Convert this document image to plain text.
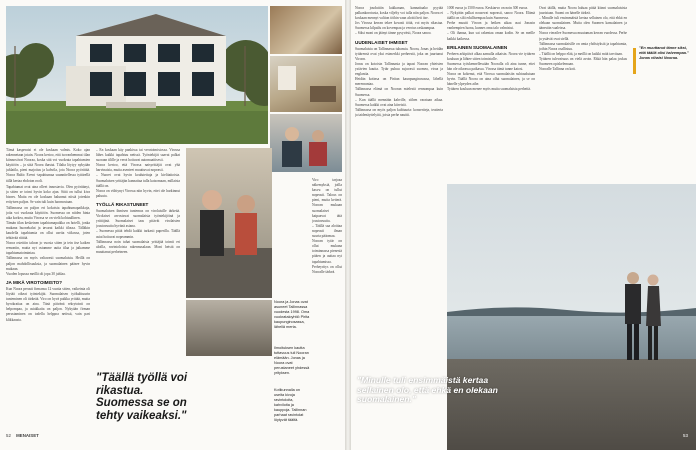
Tämä kasperaisi ei ole koskaan valmis. Koko ajan rakennetaan jotain. Noora kertoo, että isovanhemmat tilan kiinnostivat Nooraa, koska sitä voi vuokrata tapahtumien käyttöön – ja siitä Noora ihastui. Tilalta löytyy nykyään juhlatila, pieni majoitus ja kahvila, jota Noora pyörittää. Noora Baltic Event -tapahtumaa suunnitellessa tyttärellä tällä kertaa ehdoton rooli.

Tapahtumat ovat aina olleet innostavia. Olen pyöritänyt, ja sitten se toimi hyvin koko ajan. Siitä on tullut kiva bisnes. Mutta en ole koskaan halunnut niistä jotenkin erityisen paljon. Se vain tuli kuin luonnostaan.
Tallinnassa on paljon eri kokoisia tapahtumapaikkoja, joita voi vuokrata käyttöön. Suomessa on niiden hinta aika korkea, mutta Virossa se on vielä kohtuullinen.
Tämän tilan keskeinen tapahtumapaikka on hotelli, jonka mukana huonekalut ja tavarat kaikki tilassa. Tälläkin kaudella tapahtumia on ollut useita viikossa, joten tehtävää riittää.
Noora ostettiin taloon jo vuosia sitten ja tein itse kaiken remontin, mutta nyt ostamme uutta tilaa ja jatkamme tapahtumatoimintaa.
Tallinnassa on myös valtavasti suomalaisia. Heillä on paljon mahdollisuuksia, ja suomalainen pääsee hyvin mukaan.
Vuoden lopussa meillä oli jopa 30 juhlaa.

JA MIKÄ VIROTOIMISTO?

Kun Noora perusti firmansa 12 vuotta sitten, vaikeinta oli löytää oikeat työntekijät. Suomalaisen työkulttuurin tunteminen oli tärkeää. Viro on hyvä paikka yrittää, mutta byrokratiaa on aina. Tänä päivänä rekrytointi on helpompaa, ja asiakkaita on paljon. Nykyään firman perustaminen on todella helppoa netissä, vain pari klikkausta.

– En koskaan käy pankissa tai verotoimistossa. Virossa lähes kaikki tapahtuu netissä. Työntekijät saavat palkat suoraan tilille ja verot hoituvat automaattisesti.
Noora kertoo, että Virossa naisyrittäjät ovat yhä harvinaisia, mutta asenteet muuttuvat nopeasti.
– Nuoret ovat hyvin koulutettuja ja kielitaitoisia. Suomalaisen yrittäjän kannattaa tulla katsomaan, millaista täällä on.
Noora on viihtynyt Virossa niin hyvin, ettei ole harkinnut paluuta.

TYÖLLÄ RIKASTUNEET

Suomalaisen ihmisen tuntemus on virolaisille tärkeää. Virolaiset arvostavat suomalaisia työntekijöinä ja yrittäjinä. Suomalaiset taas pitävät virolaisten joustavuutta hyvänä asiana.
– Suomessa pitää tehdä kaikki tarkasti paperilla. Täällä asiat hoituvat nopeammin.
Tallinnassa noin tuhat suomalaista yrittäjää toimii eri aloilla, ravintoloista rakennusalaan. Moni heistä on muuttanut perheineen.

"Täällä työllä voi rikastua. Suomessa se on tehty vaikeaksi."
Noora ja Jonas ovat asuneet Tallinnassa vuodesta 1998. Oma vuokrataloyhtiö Pirita kaupunginosassa, lähellä merta.
Ilmoituksen kautta tuttavuus tuli Nooran elämään. Jonas ja Noora ovat perustaneet yhdessä yrityksen.
Kotikunnalla on useita kivoja ravintoloita, kahviloita ja kauppoja. Tallinnan parhaat ravintolat löytyvät täältä.

Viro tarjoaa näkemyksiä, joilla kasvu on tullut nopeasti. Talous on pieni, mutta ketterä. Nooran mukaan suomalaiset kaipaavat tätä joustavuutta.
– Täällä saa aloittaa nopeasti ilman suurta pääomaa.
Nooran tytär on ollut mukana toiminnassa pienestä pitäen ja auttaa nyt tapahtumissa. Perheyritys on ollut Nooralle tärkeä.

52 MENAISET

Noora jouduttiin kakkaraan, kannattaako pyytää palkankorotusta, koska viljelty voi tulla niin paljon. Noora ei koskaan mennyt valtion töihin vaan aloitti heti itse.
Jos Virossa kerran tekee kovasti töitä, voi myös rikastua. Suomessa kilpailu on kovempaa ja verotus raskaampaa.
– Siksi moni on jäänyt tänne pysyvästi, Noora sanoo.

UUDENLAISET IHMISET

Suomalaisia on Tallinnassa tuhansia. Noora, Jonas ja heidän tyttärensä ovat yksi esimerkki perheestä, joka on juurtunut Viroon.
Jonas on kotoisin Tallinnasta ja tapasi Nooran yhteisten ystävien kautta. Tytär puhuu sujuvasti suomea, viroa ja englantia.
Heidän kotinsa on Piritan kaunpunginosassa, lähellä merenrantaa.
Tallinnassa elämä on Nooran mielestä rennompaa kuin Suomessa.
– Kun täällä mennään kahville, siihen varataan aikaa. Suomessa kaikki ovat aina kiireisiä.
Tallinnassa on myös paljon kulttuuria: konsertteja, teatteria ja taidenäyttelyitä, joista perhe nauttii.

1000 euroa ja 1500 euroa. Keskiarvo on noin 300 euroa.
– Nykyään palkat nousevat nopeasti, sanoo Noora. Elämä täällä on silti edullisempaa kuin Suomessa.
Perhe muutti Viroon ja hetken aikaa asui Jonasin vanhempien luona, kunnes oma talo valmistui.
– Oli ihanaa, kun sai rakentaa oman kodin. Se on meille kaikki kaikessa.

ERILAINEN SUOMALAINEN

Perheen arkipäivä alkaa aamulla aikaisin. Noora vie tyttären kouluun ja lähtee sitten toimistolle.
Suomessa työskennellessään Nooralla oli aina tunne, ettei hän ole oikeassa paikassa. Virossa tämä tunne katosi.
Noora on kokenut, että Virossa suomalaisiin suhtaudutaan hyvin. Täällä Noora on aina ollut suomalainen, ja se on hänelle ylpeyden aihe.
Tyttären kouluun menee myös muita suomalaisia perheitä.

Ovat täällä, mutta Noora haluaa pitää kiinni suomalaisista juuristaan. Suomi on hänelle tärkeä.
– Minulle tuli ensimmäistä kertaa sellainen olo, että ehkä en olekaan suomalainen. Mutta olen Suomen kansalainen ja äänestän vaaleissa.
Noora vierailee Suomessa muutaman kerran vuodessa. Perhe ja ystävät ovat siellä.
Tallinnassa suomalaisille on omia yhdistyksiä ja tapahtumia, joihin Noora osallistuu.
– Täällä on helppo elää, ja meillä on kaikki mitä tarvitaan.
Tyttären tulevaisuus on vielä avoin. Ehkä hän palaa joskus Suomeen opiskelemaan.
Nooralle Tallinna on koti.

"En muuttanut tänne siksi, että täällä olisi halvempaa." Jonas vihaisi Nooraa.
"Minulle tuli ensimmäistä kertaa sellainen olo, että ehkä en olekaan suomalainen."
53
